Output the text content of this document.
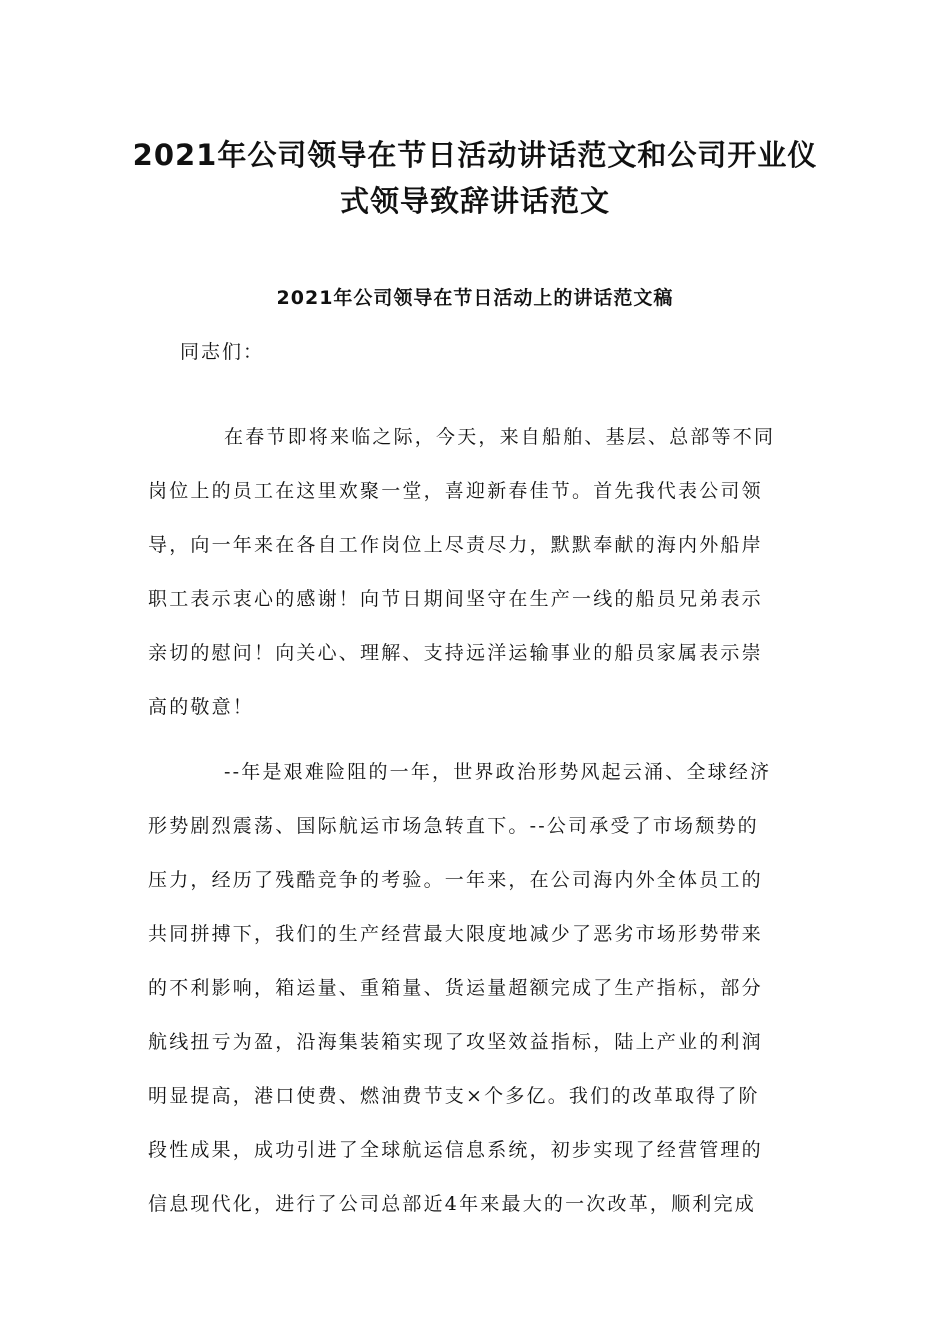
2021年公司领导在节日活动讲话范文和公司开业仪
式领导致辞讲话范文
2021年公司领导在节日活动上的讲话范文稿
同志们：
在春节即将来临之际，今天，来自船舶、基层、总部等不同
岗位上的员工在这里欢聚一堂，喜迎新春佳节。首先我代表公司领
导，向一年来在各自工作岗位上尽责尽力，默默奉献的海内外船岸
职工表示衷心的感谢！向节日期间坚守在生产一线的船员兄弟表示
亲切的慰问！向关心、理解、支持远洋运输事业的船员家属表示崇
高的敬意！
--年是艰难险阻的一年，世界政治形势风起云涌、全球经济
形势剧烈震荡、国际航运市场急转直下。--公司承受了市场颓势的
压力，经历了残酷竞争的考验。一年来，在公司海内外全体员工的
共同拼搏下，我们的生产经营最大限度地减少了恶劣市场形势带来
的不利影响，箱运量、重箱量、货运量超额完成了生产指标，部分
航线扭亏为盈，沿海集装箱实现了攻坚效益指标，陆上产业的利润
明显提高，港口使费、燃油费节支×个多亿。我们的改革取得了阶
段性成果，成功引进了全球航运信息系统，初步实现了经营管理的
信息现代化，进行了公司总部近4年来最大的一次改革，顺利完成
